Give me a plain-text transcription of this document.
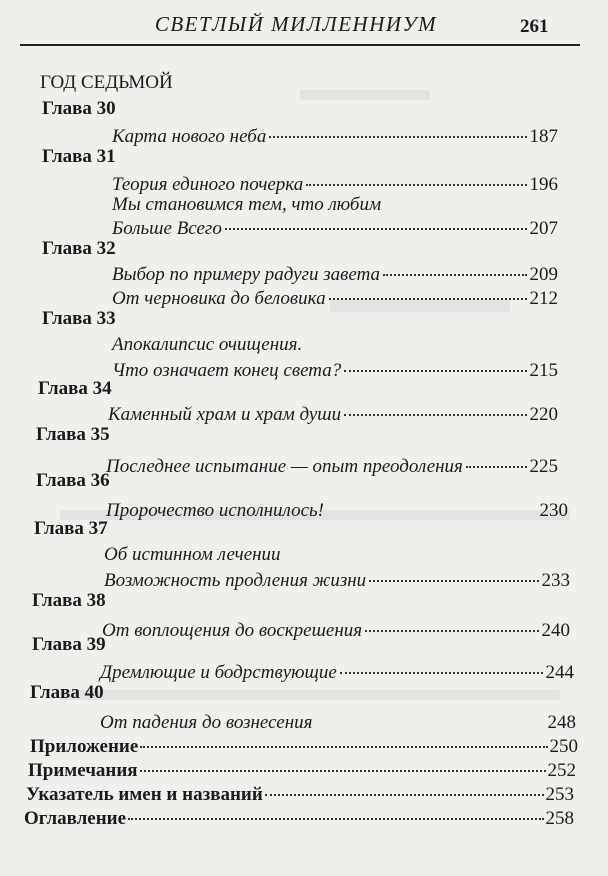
СВЕТЛЫЙ МИЛЛЕННИУМ	261
ГОД СЕДЬМОЙ
Глава 30
Карта нового неба	187
Глава 31
Теория единого почерка	196
Мы становимся тем, что любим
Больше Всего	207
Глава 32
Выбор по примеру радуги завета	209
От черновика до беловика	212
Глава 33
Апокалипсис очищения.
Что означает конец света?	215
Глава 34
Каменный храм и храм души	220
Глава 35
Последнее испытание — опыт преодоления	225
Глава 36
Пророчество исполнилось!	230
Глава 37
Об истинном лечении
Возможность продления жизни	233
Глава 38
От воплощения до воскрешения	240
Глава 39
Дремлющие и бодрствующие	244
Глава 40
От падения до вознесения	248
Приложение	250
Примечания	252
Указатель имен и названий	253
Оглавление	258
